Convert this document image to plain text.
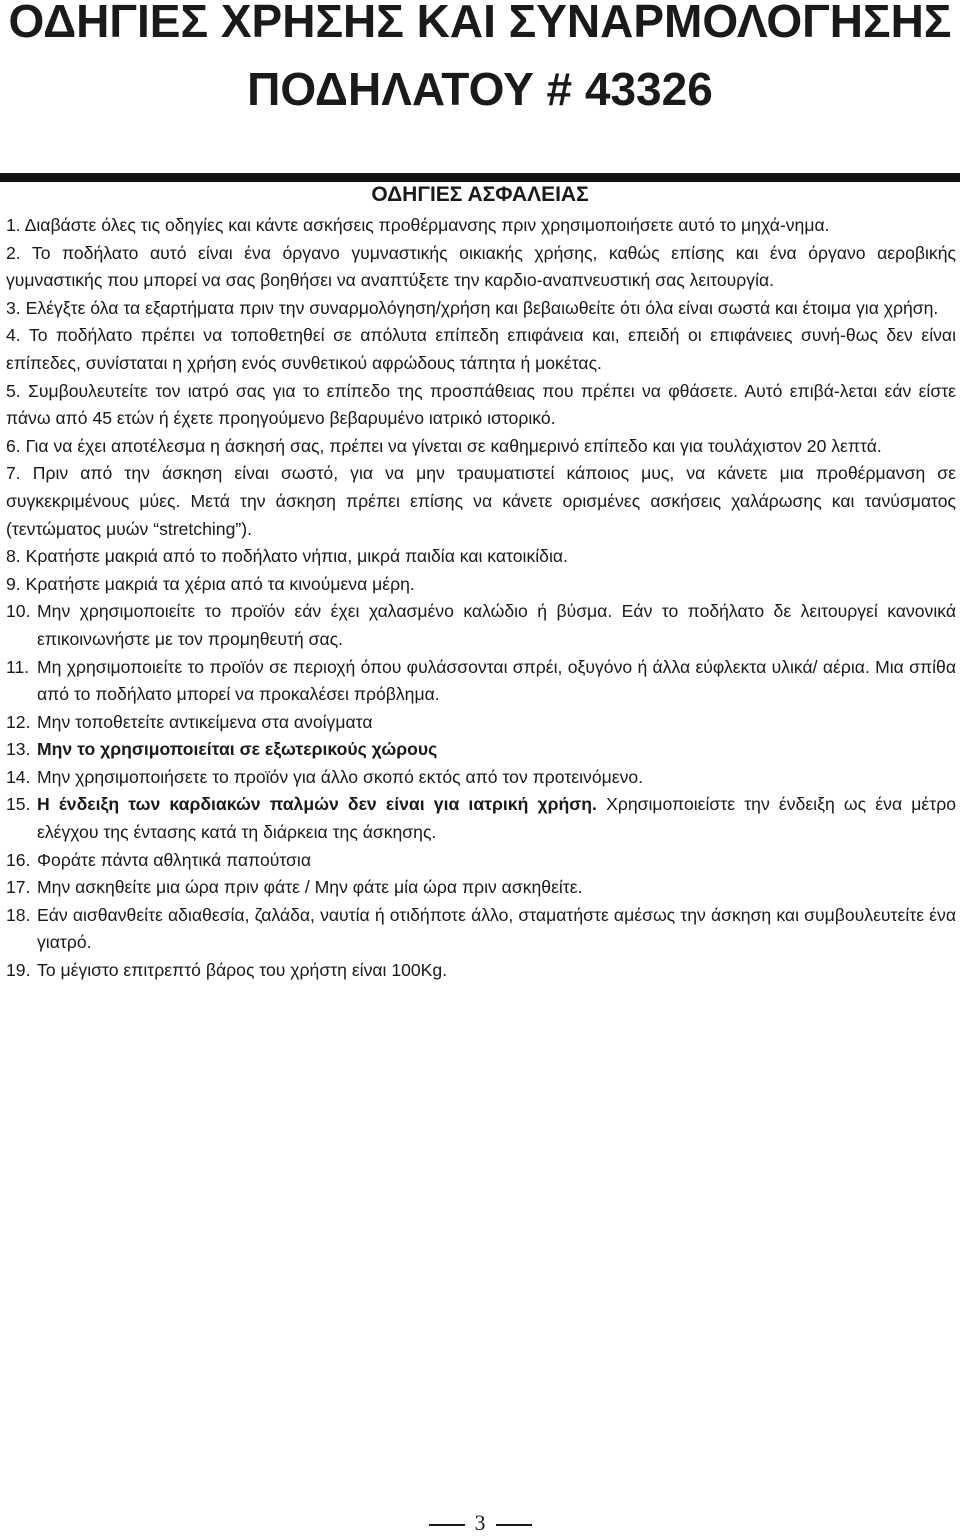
ΟΔΗΓΙΕΣ ΧΡΗΣΗΣ ΚΑΙ ΣΥΝΑΡΜΟΛΟΓΗΣΗΣ
ΠΟΔΗΛΑΤΟΥ # 43326
ΟΔΗΓΙΕΣ ΑΣΦΑΛΕΙΑΣ
1. Διαβάστε όλες τις οδηγίες και κάντε ασκήσεις προθέρμανσης πριν χρησιμοποιήσετε αυτό το μηχά-νημα.
2. Το ποδήλατο αυτό είναι ένα όργανο γυμναστικής οικιακής χρήσης, καθώς επίσης και ένα όργανο αεροβικής γυμναστικής που μπορεί να σας βοηθήσει να αναπτύξετε την καρδιο-αναπνευστική σας λειτουργία.
3. Ελέγξτε όλα τα εξαρτήματα πριν την συναρμολόγηση/χρήση και βεβαιωθείτε ότι όλα είναι σωστά και έτοιμα για χρήση.
4. Το ποδήλατο πρέπει να τοποθετηθεί σε απόλυτα επίπεδη επιφάνεια και, επειδή οι επιφάνειες συνή-θως δεν είναι επίπεδες, συνίσταται η χρήση ενός συνθετικού αφρώδους τάπητα ή μοκέτας.
5. Συμβουλευτείτε τον ιατρό σας για το επίπεδο της προσπάθειας που πρέπει να φθάσετε. Αυτό επιβά-λεται εάν είστε πάνω από 45 ετών ή έχετε προηγούμενο βεβαρυμένο ιατρικό ιστορικό.
6. Για να έχει αποτέλεσμα η άσκησή σας, πρέπει να γίνεται σε καθημερινό επίπεδο και για τουλάχιστον 20 λεπτά.
7. Πριν από την άσκηση είναι σωστό, για να μην τραυματιστεί κάποιος μυς, να κάνετε μια προθέρμανση σε συγκεκριμένους μύες. Μετά την άσκηση πρέπει επίσης να κάνετε ορισμένες ασκήσεις χαλάρωσης και τανύσματος (τεντώματος μυών “stretching”).
8. Κρατήστε μακριά από το ποδήλατο νήπια, μικρά παιδία και κατοικίδια.
9. Κρατήστε μακριά τα χέρια από τα κινούμενα μέρη.
10. Μην χρησιμοποιείτε το προϊόν εάν έχει χαλασμένο καλώδιο ή βύσμα. Εάν το ποδήλατο δε λειτουργεί κανονικά επικοινωνήστε με τον προμηθευτή σας.
11. Μη χρησιμοποιείτε το προϊόν σε περιοχή όπου φυλάσσονται σπρέι, οξυγόνο ή άλλα εύφλεκτα υλικά/ αέρια. Μια σπίθα από το ποδήλατο μπορεί να προκαλέσει πρόβλημα.
12. Μην τοποθετείτε αντικείμενα στα ανοίγματα
13. Μην το χρησιμοποιείται σε εξωτερικούς χώρους
14. Μην χρησιμοποιήσετε το προϊόν για άλλο σκοπό εκτός από τον προτεινόμενο.
15. Η ένδειξη των καρδιακών παλμών δεν είναι για ιατρική χρήση. Χρησιμοποιείστε την ένδειξη ως ένα μέτρο ελέγχου της έντασης κατά τη διάρκεια της άσκησης.
16. Φοράτε πάντα αθλητικά παπούτσια
17. Μην ασκηθείτε μια ώρα πριν φάτε / Μην φάτε μία ώρα πριν ασκηθείτε.
18. Εάν αισθανθείτε αδιαθεσία, ζαλάδα, ναυτία ή οτιδήποτε άλλο, σταματήστε αμέσως την άσκηση και συμβουλευτείτε ένα γιατρό.
19. Το μέγιστο επιτρεπτό βάρος του χρήστη είναι 100Kg.
3
